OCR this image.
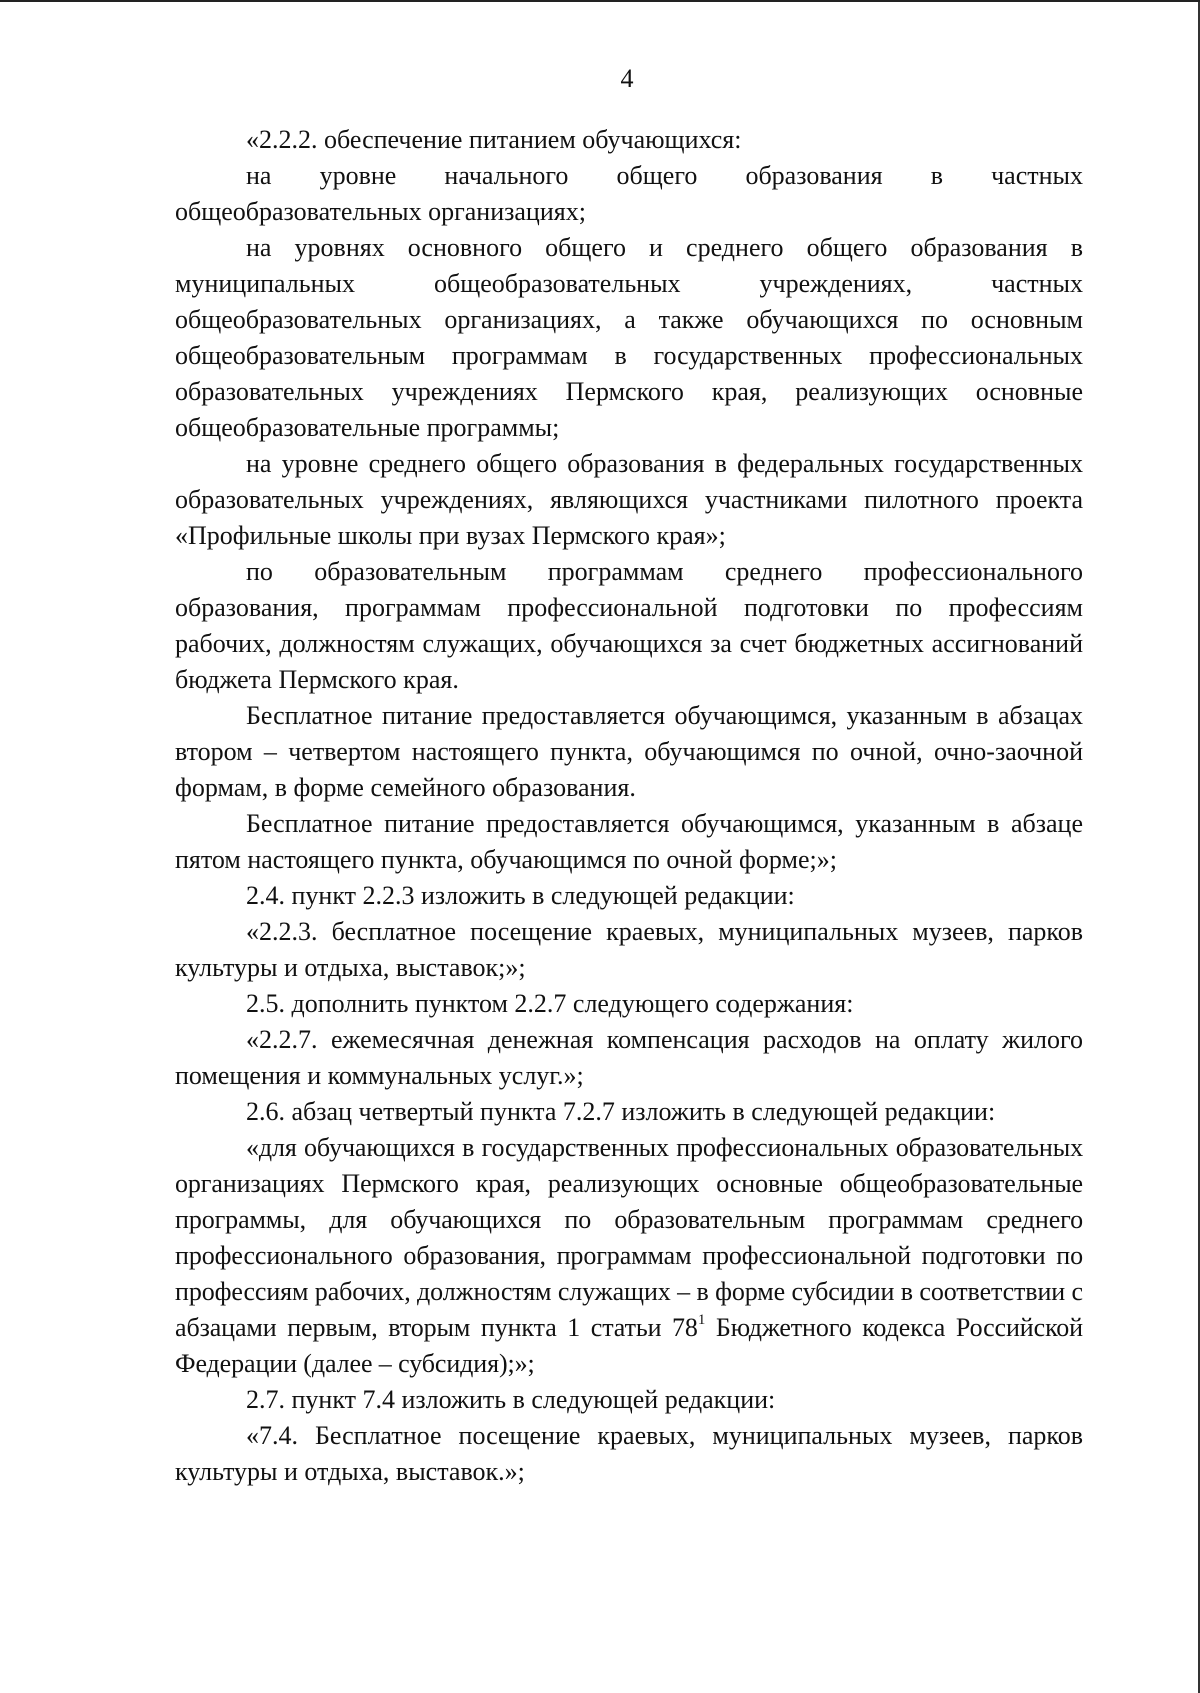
4

«2.2.2. обеспечение питанием обучающихся:

на уровне начального общего образования в частных общеобразовательных организациях;

на уровнях основного общего и среднего общего образования в муниципальных общеобразовательных учреждениях, частных общеобразовательных организациях, а также обучающихся по основным общеобразовательным программам в государственных профессиональных образовательных учреждениях Пермского края, реализующих основные общеобразовательные программы;

на уровне среднего общего образования в федеральных государственных образовательных учреждениях, являющихся участниками пилотного проекта «Профильные школы при вузах Пермского края»;

по образовательным программам среднего профессионального образования, программам профессиональной подготовки по профессиям рабочих, должностям служащих, обучающихся за счет бюджетных ассигнований бюджета Пермского края.

Бесплатное питание предоставляется обучающимся, указанным в абзацах втором – четвертом настоящего пункта, обучающимся по очной, очно-заочной формам, в форме семейного образования.

Бесплатное питание предоставляется обучающимся, указанным в абзаце пятом настоящего пункта, обучающимся по очной форме;»;

2.4. пункт 2.2.3 изложить в следующей редакции:

«2.2.3. бесплатное посещение краевых, муниципальных музеев, парков культуры и отдыха, выставок;»;

2.5. дополнить пунктом 2.2.7 следующего содержания:

«2.2.7. ежемесячная денежная компенсация расходов на оплату жилого помещения и коммунальных услуг.»;

2.6. абзац четвертый пункта 7.2.7 изложить в следующей редакции:

«для обучающихся в государственных профессиональных образовательных организациях Пермского края, реализующих основные общеобразовательные программы, для обучающихся по образовательным программам среднего профессионального образования, программам профессиональной подготовки по профессиям рабочих, должностям служащих – в форме субсидии в соответствии с абзацами первым, вторым пункта 1 статьи $78^1$ Бюджетного кодекса Российской Федерации (далее – субсидия);»;

2.7. пункт 7.4 изложить в следующей редакции:

«7.4. Бесплатное посещение краевых, муниципальных музеев, парков культуры и отдыха, выставок.»;
